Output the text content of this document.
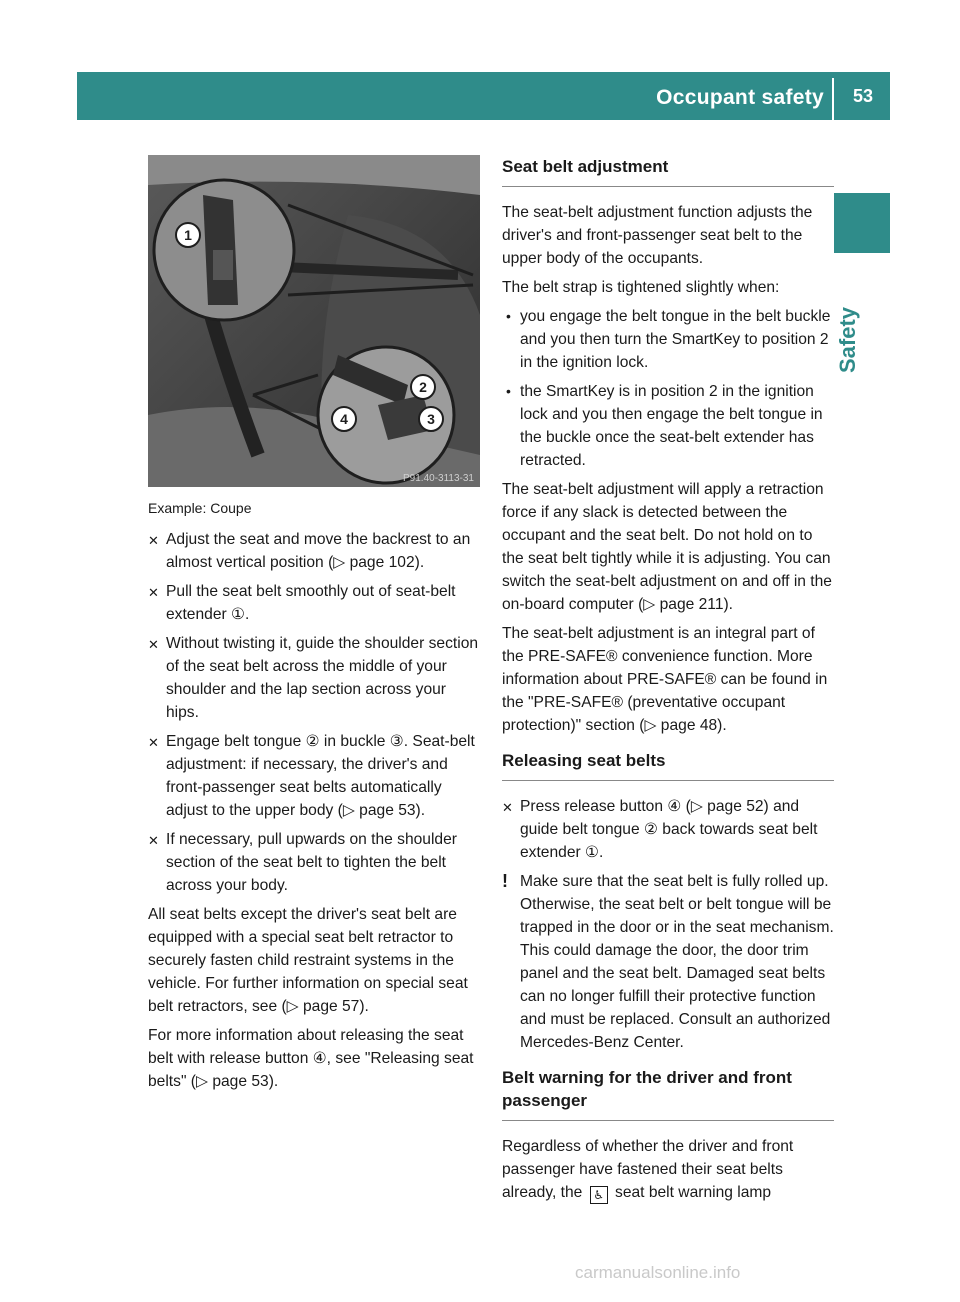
Occupant safety 53
Safety
1
2
3
4
P91.40-3113-31
Example: Coupe
✕ Adjust the seat and move the backrest to an almost vertical position (▷ page 102).
✕ Pull the seat belt smoothly out of seat-belt extender ①.
✕ Without twisting it, guide the shoulder section of the seat belt across the middle of your shoulder and the lap section across your hips.
✕ Engage belt tongue ② in buckle ③. Seat-belt adjustment: if necessary, the driver's and front-passenger seat belts automatically adjust to the upper body (▷ page 53).
✕ If necessary, pull upwards on the shoulder section of the seat belt to tighten the belt across your body.

All seat belts except the driver's seat belt are equipped with a special seat belt retractor to securely fasten child restraint systems in the vehicle. For further information on special seat belt retractors, see (▷ page 57).

For more information about releasing the seat belt with release button ④, see "Releasing seat belts" (▷ page 53).

Seat belt adjustment

The seat-belt adjustment function adjusts the driver's and front-passenger seat belt to the upper body of the occupants.

The belt strap is tightened slightly when:

• you engage the belt tongue in the belt buckle and you then turn the SmartKey to position 2 in the ignition lock.
• the SmartKey is in position 2 in the ignition lock and you then engage the belt tongue in the buckle once the seat-belt extender has retracted.

The seat-belt adjustment will apply a retraction force if any slack is detected between the occupant and the seat belt. Do not hold on to the seat belt tightly while it is adjusting. You can switch the seat-belt adjustment on and off in the on-board computer (▷ page 211).

The seat-belt adjustment is an integral part of the PRE-SAFE® convenience function. More information about PRE-SAFE® can be found in the "PRE-SAFE® (preventative occupant protection)" section (▷ page 48).

Releasing seat belts
✕ Press release button ④ (▷ page 52) and guide belt tongue ② back towards seat belt extender ①.
! Make sure that the seat belt is fully rolled up. Otherwise, the seat belt or belt tongue will be trapped in the door or in the seat mechanism. This could damage the door, the door trim panel and the seat belt. Damaged seat belts can no longer fulfill their protective function and must be replaced. Consult an authorized Mercedes-Benz Center.
Belt warning for the driver and front passenger

Regardless of whether the driver and front passenger have fastened their seat belts already, the ♿ seat belt warning lamp

carmanualsonline.info
